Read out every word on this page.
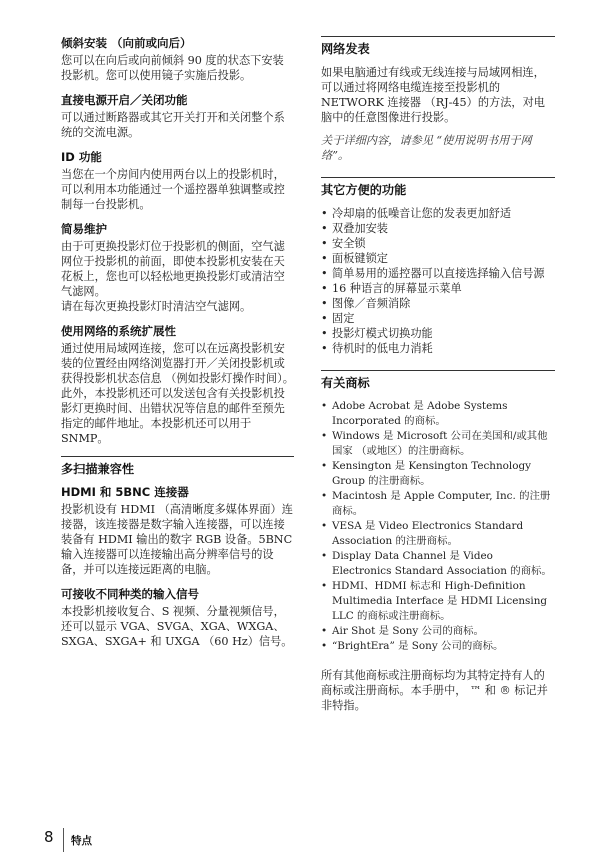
倾斜安装 （向前或向后）

您可以在向后或向前倾斜 90 度的状态下安装投影机。您可以使用镜子实施后投影。

直接电源开启／关闭功能

可以通过断路器或其它开关打开和关闭整个系统的交流电源。

ID 功能

当您在一个房间内使用两台以上的投影机时，可以利用本功能通过一个遥控器单独调整或控制每一台投影机。

简易维护

由于可更换投影灯位于投影机的侧面，空气滤网位于投影机的前面，即使本投影机安装在天花板上，您也可以轻松地更换投影灯或清洁空气滤网。

请在每次更换投影灯时清洁空气滤网。

使用网络的系统扩展性

通过使用局域网连接，您可以在远离投影机安装的位置经由网络浏览器打开／关闭投影机或获得投影机状态信息 （例如投影灯操作时间）。

此外，本投影机还可以发送包含有关投影机投影灯更换时间、出错状况等信息的邮件至预先指定的邮件地址。本投影机还可以用于 SNMP。

多扫描兼容性
HDMI 和 5BNC 连接器

投影机设有 HDMI （高清晰度多媒体界面）连接器，该连接器是数字输入连接器，可以连接装备有 HDMI 输出的数字 RGB 设备。5BNC 输入连接器可以连接输出高分辨率信号的设备，并可以连接远距离的电脑。

可接收不同种类的输入信号

本投影机接收复合、S 视频、分量视频信号，还可以显示 VGA、SVGA、XGA、WXGA、SXGA、SXGA+ 和 UXGA （60 Hz）信号。

网络发表

如果电脑通过有线或无线连接与局域网相连，可以通过将网络电缆连接至投影机的 NETWORK 连接器 （RJ-45）的方法，对电脑中的任意图像进行投影。

关于详细内容，请参见 “使用说明书用于网络”。

其它方便的功能
• 冷却扇的低噪音让您的发表更加舒适
• 双叠加安装
• 安全锁
• 面板键锁定
• 简单易用的遥控器可以直接选择输入信号源
• 16 种语言的屏幕显示菜单
• 图像／音频消除
• 固定
• 投影灯模式切换功能
• 待机时的低电力消耗
有关商标
• Adobe Acrobat 是 Adobe Systems Incorporated 的商标。
• Windows 是 Microsoft 公司在美国和/或其他国家 （或地区）的注册商标。
• Kensington 是 Kensington Technology Group 的注册商标。
• Macintosh 是 Apple Computer, Inc. 的注册商标。
• VESA 是 Video Electronics Standard Association 的注册商标。
• Display Data Channel 是 Video Electronics Standard Association 的商标。
• HDMI、HDMI 标志和 High-Definition Multimedia Interface 是 HDMI Licensing LLC 的商标或注册商标。
• Air Shot 是 Sony 公司的商标。
• “BrightEra” 是 Sony 公司的商标。

所有其他商标或注册商标均为其特定持有人的商标或注册商标。本手册中， ™ 和 ® 标记并非特指。

8 特点
